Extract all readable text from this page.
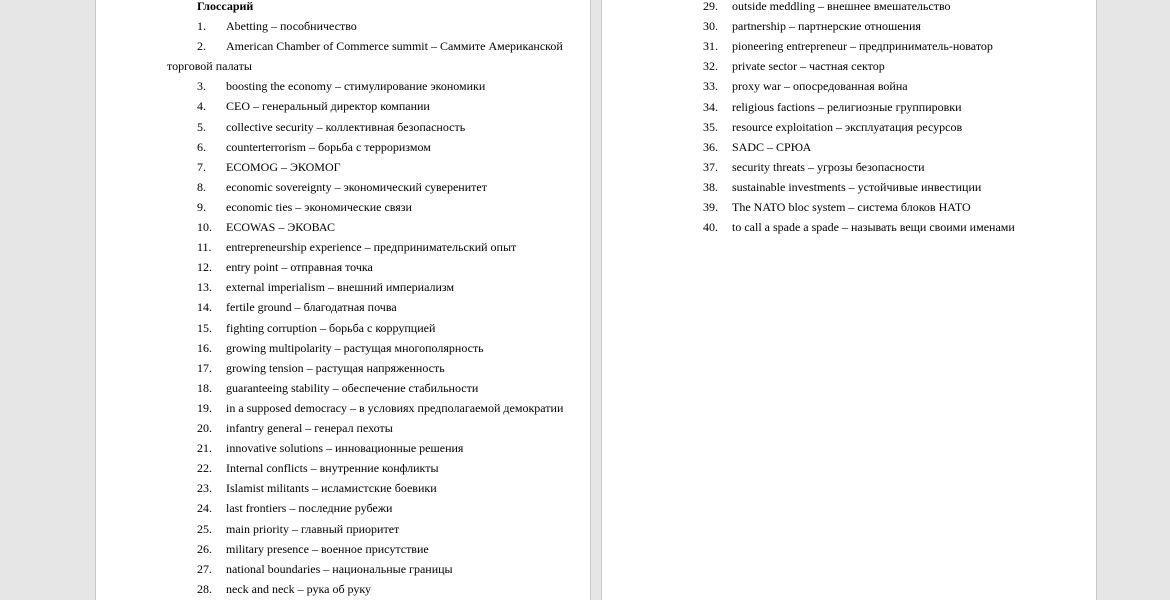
Глоссарий
1. Abetting – пособничество
2. American Chamber of Commerce summit – Саммите Американской
торговой палаты
3. boosting the economy – стимулирование экономики
4. CEO – генеральный директор компании
5. collective security – коллективная безопасность
6. counterterrorism – борьба с терроризмом
7. ECOMOG – ЭКОМОГ
8. economic sovereignty – экономический суверенитет
9. economic ties – экономические связи
10. ECOWAS – ЭКОВАС
11. entrepreneurship experience – предпринимательский опыт
12. entry point – отправная точка
13. external imperialism – внешний империализм
14. fertile ground – благодатная почва
15. fighting corruption – борьба с коррупцией
16. growing multipolarity – растущая многополярность
17. growing tension – растущая напряженность
18. guaranteeing stability – обеспечение стабильности
19. in a supposed democracy – в условиях предполагаемой демократии
20. infantry general – генерал пехоты
21. innovative solutions – инновационные решения
22. Internal conflicts – внутренние конфликты
23. Islamist militants – исламистские боевики
24. last frontiers – последние рубежи
25. main priority – главный приоритет
26. military presence – военное присутствие
27. national boundaries – национальные границы
28. neck and neck – рука об руку
29. outside meddling – внешнее вмешательство
30. partnership – партнерские отношения
31. pioneering entrepreneur – предприниматель-новатор
32. private sector – частная сектор
33. proxy war – опосредованная война
34. religious factions – религиозные группировки
35. resource exploitation – эксплуатация ресурсов
36. SADC – СРЮА
37. security threats – угрозы безопасности
38. sustainable investments – устойчивые инвестиции
39. The NATO bloc system – система блоков НАТО
40. to call a spade a spade – называть вещи своими именами
